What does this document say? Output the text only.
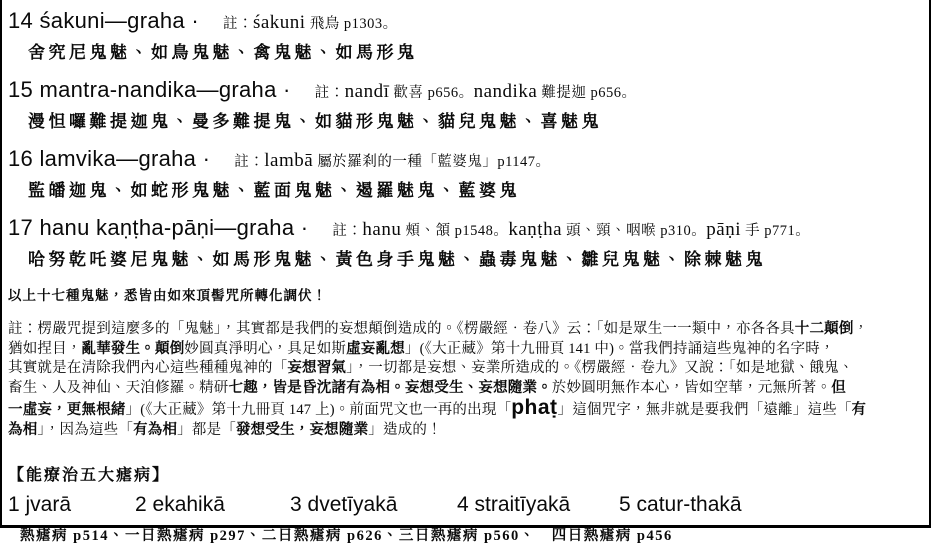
14 śakuni—graha · 註：śakuni 飛鳥 p1303。
舍究尼鬼魅、如鳥鬼魅、禽鬼魅、如馬形鬼
15 mantra-nandika—graha · 註：nandī 歡喜 p656。nandika 難提迦 p656。
漫怛囉難提迦鬼、曼多難提鬼、如貓形鬼魅、貓兒鬼魅、喜魅鬼
16 lamvika—graha · 註：lambā 屬於羅刹的一種「藍婆鬼」p1147。
監皤迦鬼、如蛇形鬼魅、藍面鬼魅、遏羅魅鬼、藍婆鬼
17 hanu kaṇṭha-pāṇi—graha · 註：hanu 頰、頷 p1548。kaṇṭha 頭、頸、咽喉 p310。pāṇi 手 p771。
哈努乾吒婆尼鬼魅、如馬形鬼魅、黃色身手鬼魅、蟲毒鬼魅、雛兒鬼魅、除棘魅鬼
以上十七種鬼魅，悉皆由如來頂髻咒所轉化調伏！
註：楞嚴咒提到這麼多的「鬼魅」，其實都是我們的妄想顛倒造成的。《楞嚴經‧卷八》云：「如是眾生一一類中，亦各各具十二顛倒，
猶如捏目，亂華發生。顛倒妙圓真淨明心，具足如斯虛妄亂想」(《大正藏》第十九冊頁 141 中)。當我們持誦這些鬼神的名字時，
其實就是在清除我們內心這些種種鬼神的「妄想習氣」，一切都是妄想、妄業所造成的。《楞嚴經‧卷九》又說：「如是地獄、餓鬼、
畜生、人及神仙、天洎修羅。精研七趣，皆是昏沈諸有為相。妄想受生、妄想隨業。於妙圓明無作本心，皆如空華，元無所著。但
一虛妄，更無根緒」(《大正藏》第十九冊頁 147 上)。前面咒文也一再的出現「phaṭ」這個咒字，無非就是要我們「遠離」這些「有
為相」，因為這些「有為相」都是「發想受生，妄想隨業」造成的！
【能療治五大瘧病】
1 jvarā	2 ekahikā	3 dvetīyakā	4 straitīyakā	5 catur-thakā
熱瘧病 p514、一日熱瘧病 p297、二日熱瘧病 p626、三日熱瘧病 p560、　四日熱瘧病 p456
